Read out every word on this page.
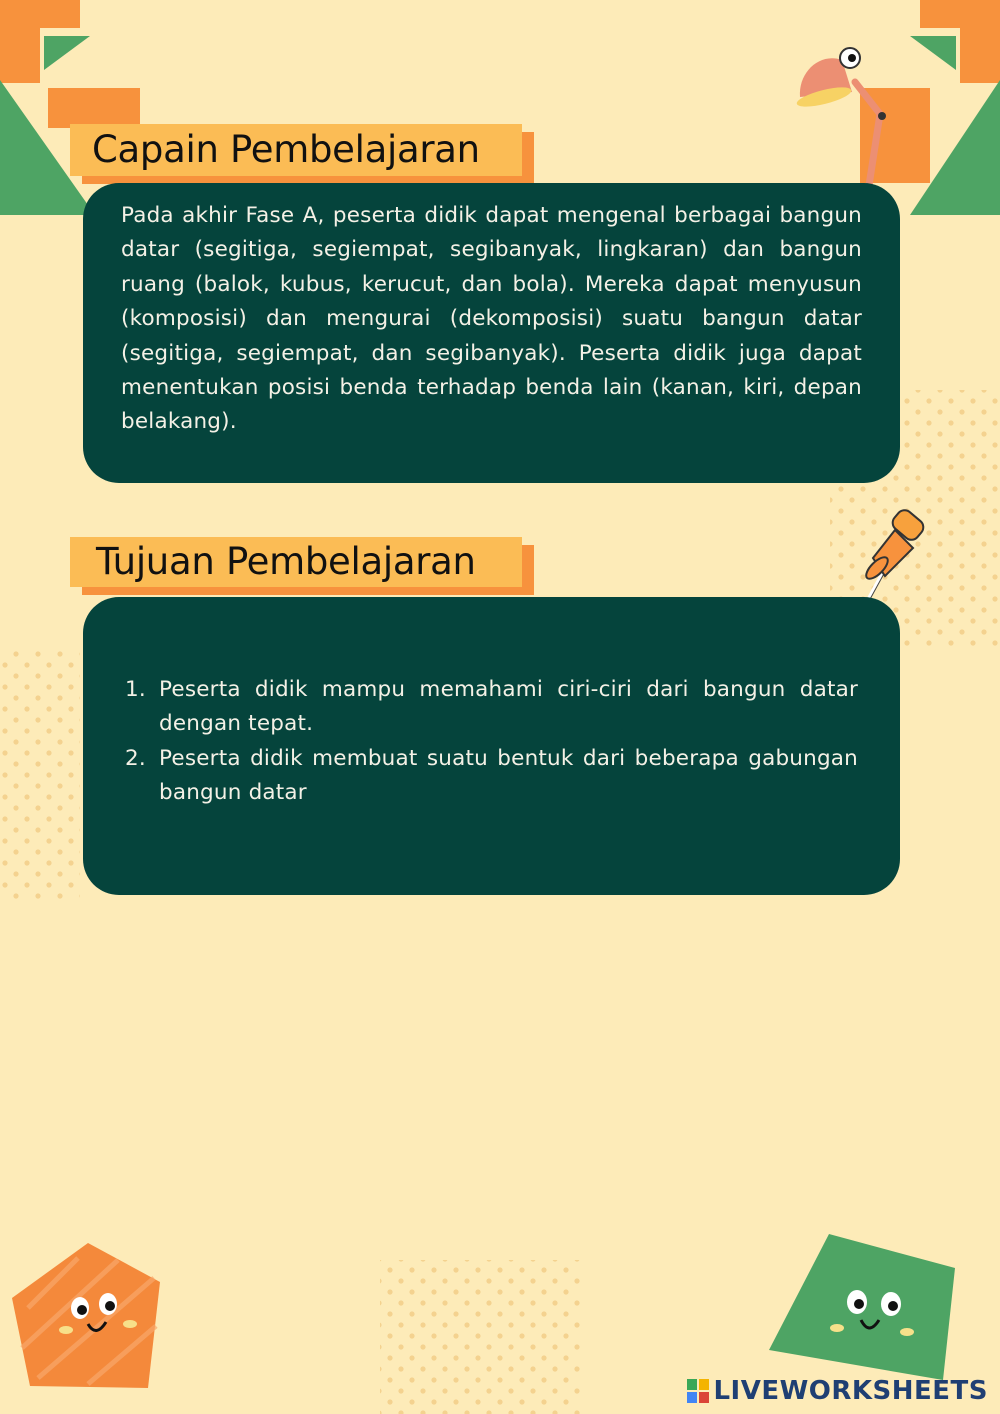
Capain Pembelajaran
Pada akhir Fase A, peserta didik dapat mengenal berbagai bangun datar (segitiga, segiempat, segibanyak, lingkaran) dan bangun ruang (balok, kubus, kerucut, dan bola). Mereka dapat menyusun (komposisi) dan mengurai (dekomposisi) suatu bangun datar (segitiga, segiempat, dan segibanyak). Peserta didik juga dapat menentukan posisi benda terhadap benda lain (kanan, kiri, depan belakang).
Tujuan Pembelajaran
1. Peserta didik mampu memahami ciri-ciri dari bangun datar dengan tepat.
2. Peserta didik membuat suatu bentuk dari beberapa gabungan bangun datar
LIVEWORKSHEETS
